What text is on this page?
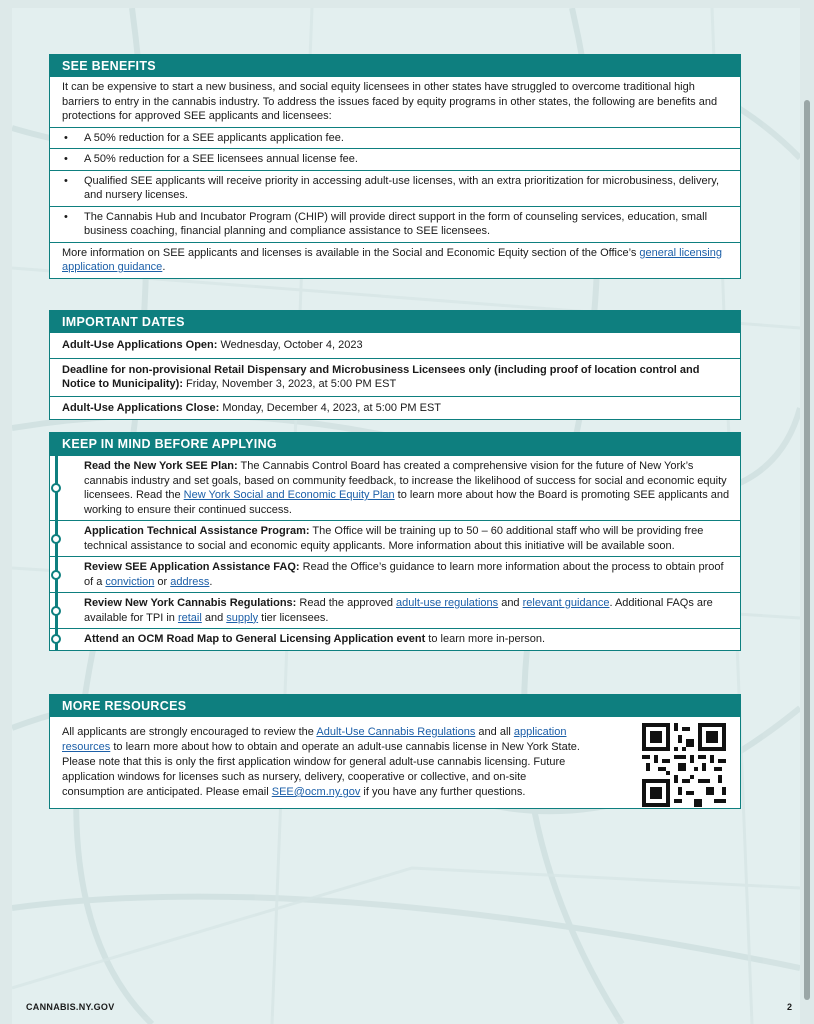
SEE BENEFITS
It can be expensive to start a new business, and social equity licensees in other states have struggled to overcome traditional high barriers to entry in the cannabis industry. To address the issues faced by equity programs in other states, the following are benefits and protections for approved SEE applicants and licensees:
• A 50% reduction for a SEE applicants application fee.
• A 50% reduction for a SEE licensees annual license fee.
• Qualified SEE applicants will receive priority in accessing adult-use licenses, with an extra prioritization for microbusiness, delivery, and nursery licenses.
• The Cannabis Hub and Incubator Program (CHIP) will provide direct support in the form of counseling services, education, small business coaching, financial planning and compliance assistance to SEE licensees.
More information on SEE applicants and licenses is available in the Social and Economic Equity section of the Office’s general licensing application guidance.
IMPORTANT DATES
Adult-Use Applications Open: Wednesday, October 4, 2023
Deadline for non-provisional Retail Dispensary and Microbusiness Licensees only (including proof of location control and Notice to Municipality): Friday, November 3, 2023, at 5:00 PM EST
Adult-Use Applications Close: Monday, December 4, 2023, at 5:00 PM EST
KEEP IN MIND BEFORE APPLYING
Read the New York SEE Plan: The Cannabis Control Board has created a comprehensive vision for the future of New York’s cannabis industry and set goals, based on community feedback, to increase the likelihood of success for social and economic equity licensees. Read the New York Social and Economic Equity Plan to learn more about how the Board is promoting SEE applicants and working to ensure their continued success.
Application Technical Assistance Program: The Office will be training up to 50 – 60 additional staff who will be providing free technical assistance to social and economic equity applicants. More information about this initiative will be available soon.
Review SEE Application Assistance FAQ: Read the Office’s guidance to learn more information about the process to obtain proof of a conviction or address.
Review New York Cannabis Regulations: Read the approved adult-use regulations and relevant guidance. Additional FAQs are available for TPI in retail and supply tier licensees.
Attend an OCM Road Map to General Licensing Application event to learn more in-person.
MORE RESOURCES
All applicants are strongly encouraged to review the Adult-Use Cannabis Regulations and all application resources to learn more about how to obtain and operate an adult-use cannabis license in New York State. Please note that this is only the first application window for general adult-use cannabis licensing. Future application windows for licenses such as nursery, delivery, cooperative or collective, and on-site consumption are anticipated. Please email SEE@ocm.ny.gov if you have any further questions.
CANNABIS.NY.GOV	2
